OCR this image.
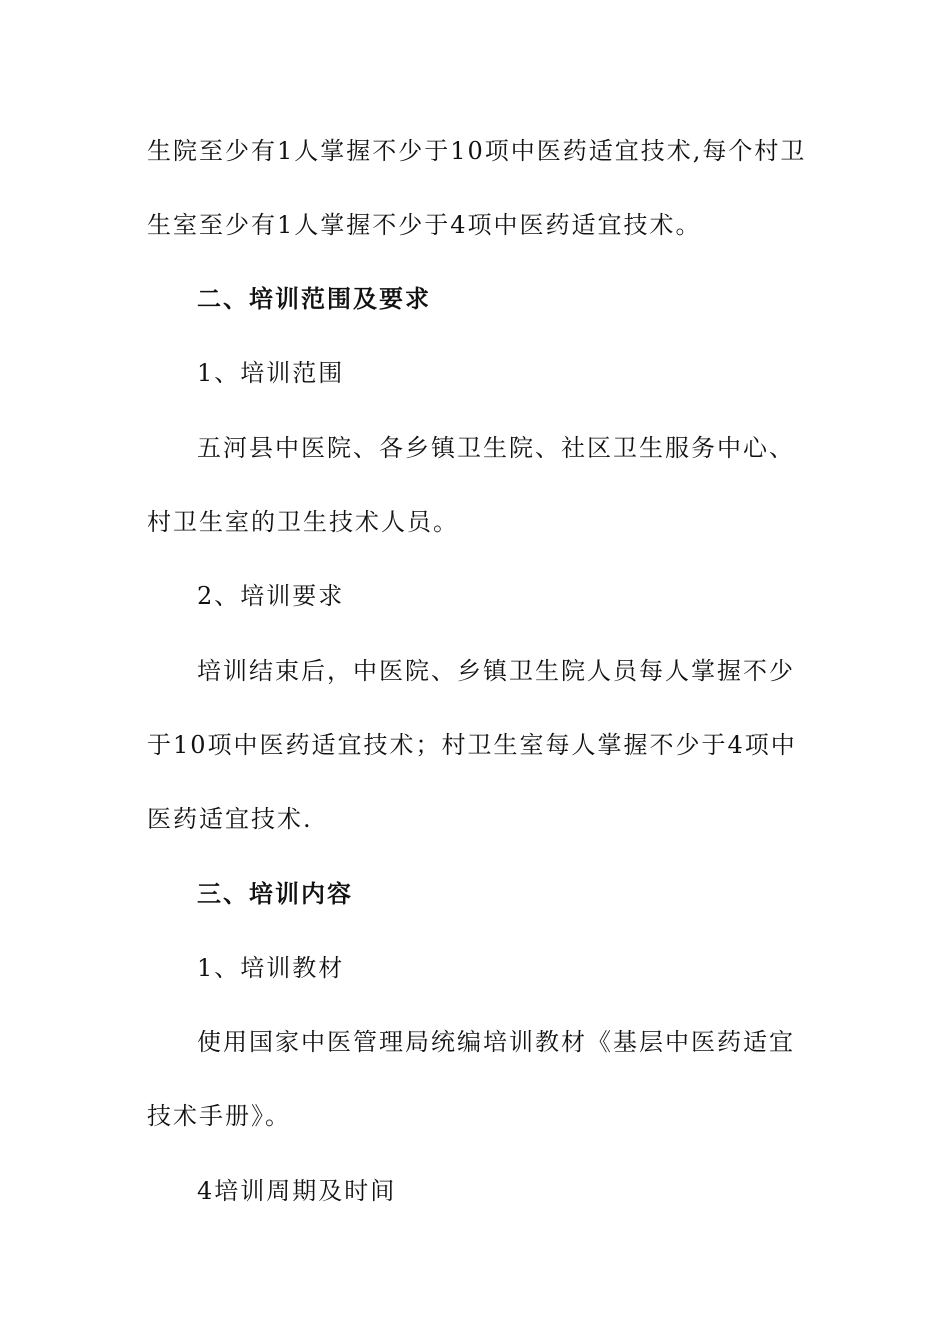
生院至少有1人掌握不少于10项中医药适宜技术,每个村卫
生室至少有1人掌握不少于4项中医药适宜技术。
二、培训范围及要求
1、培训范围
五河县中医院、各乡镇卫生院、社区卫生服务中心、
村卫生室的卫生技术人员。
2、培训要求
培训结束后，中医院、乡镇卫生院人员每人掌握不少
于10项中医药适宜技术；村卫生室每人掌握不少于4项中
医药适宜技术.
三、培训内容
1、培训教材
使用国家中医管理局统编培训教材《基层中医药适宜
技术手册》。
4培训周期及时间
